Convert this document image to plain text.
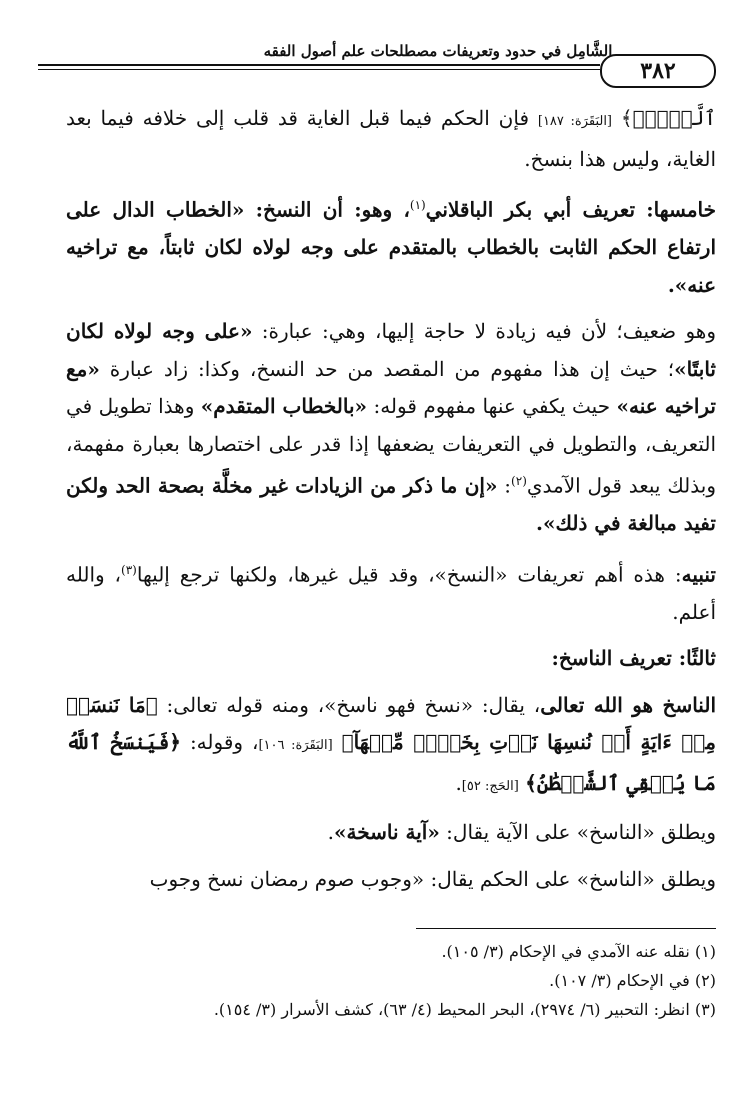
الشَّامِل في حدود وتعريفات مصطلحات علم أصول الفقه
٣٨٢

ٱلَّيۡلِۚ﴾ [البَقَرَة: ١٨٧] فإن الحكم فيما قبل الغاية قد قلب إلى خلافه فيما بعد الغاية، وليس هذا بنسخ.

خامسها: تعريف أبي بكر الباقلاني$^{(١)}$، وهو: أن النسخ: «الخطاب الدال على ارتفاع الحكم الثابت بالخطاب بالمتقدم على وجه لولاه لكان ثابتاً، مع تراخيه عنه».

وهو ضعيف؛ لأن فيه زيادة لا حاجة إليها، وهي: عبارة: «على وجه لولاه لكان ثابتًا»؛ حيث إن هذا مفهوم من المقصد من حد النسخ، وكذا: زاد عبارة «مع تراخيه عنه» حيث يكفي عنها مفهوم قوله: «بالخطاب المتقدم» وهذا تطويل في التعريف، والتطويل في التعريفات يضعفها إذا قدر على اختصارها بعبارة مفهمة، وبذلك يبعد قول الآمدي$^{(٢)}$: «إن ما ذكر من الزيادات غير مخلَّة بصحة الحد ولكن تفيد مبالغة في ذلك».

تنبيه: هذه أهم تعريفات «النسخ»، وقد قيل غيرها، ولكنها ترجع إليها$^{(٣)}$، والله أعلم.

ثالثًا: تعريف الناسخ:

الناسخ هو الله تعالى، يقال: «نسخ فهو ناسخ»، ومنه قوله تعالى: ﴿مَا نَنسَخۡ مِنۡ ءَايَةٍ أَوۡ نُنسِهَا نَأۡتِ بِخَيۡرٖ مِّنۡهَآ﴾ [البَقَرَة: ١٠٦]، وقوله: ﴿فَيَنسَخُ ٱللَّهُ مَا يُلۡقِي ٱلشَّيۡطَٰنُ﴾ [الحَج: ٥٢].

ويطلق «الناسخ» على الآية يقال: «آية ناسخة».

ويطلق «الناسخ» على الحكم يقال: «وجوب صوم رمضان نسخ وجوب

(١) نقله عنه الآمدي في الإحكام (٣/ ١٠٥).
(٢) في الإحكام (٣/ ١٠٧).
(٣) انظر: التحبير (٦/ ٢٩٧٤)، البحر المحيط (٤/ ٦٣)، كشف الأسرار (٣/ ١٥٤).
